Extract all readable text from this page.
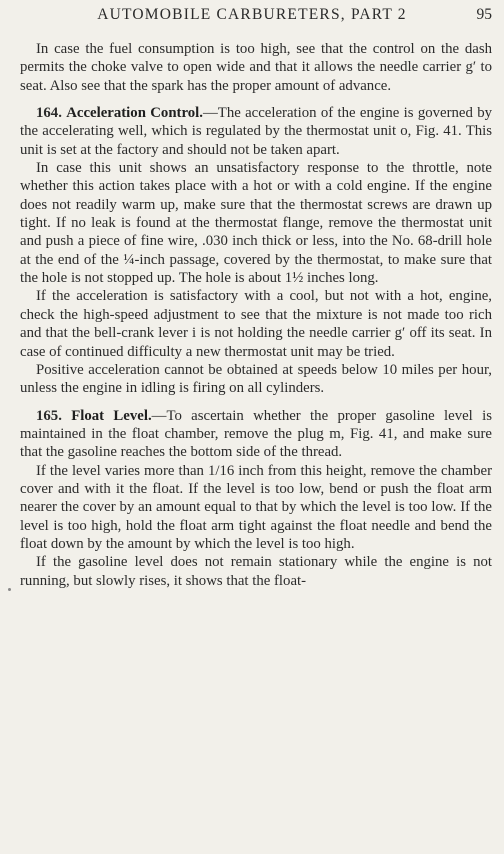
AUTOMOBILE CARBURETERS, PART 2	95

In case the fuel consumption is too high, see that the control on the dash permits the choke valve to open wide and that it allows the needle carrier g′ to seat. Also see that the spark has the proper amount of advance.

164. Acceleration Control.—The acceleration of the engine is governed by the accelerating well, which is regulated by the thermostat unit o, Fig. 41. This unit is set at the factory and should not be taken apart.

In case this unit shows an unsatisfactory response to the throttle, note whether this action takes place with a hot or with a cold engine. If the engine does not readily warm up, make sure that the thermostat screws are drawn up tight. If no leak is found at the thermostat flange, remove the thermostat unit and push a piece of fine wire, .030 inch thick or less, into the No. 68-drill hole at the end of the ¼-inch passage, covered by the thermostat, to make sure that the hole is not stopped up. The hole is about 1½ inches long.

If the acceleration is satisfactory with a cool, but not with a hot, engine, check the high-speed adjustment to see that the mixture is not made too rich and that the bell-crank lever i is not holding the needle carrier g′ off its seat. In case of continued difficulty a new thermostat unit may be tried.

Positive acceleration cannot be obtained at speeds below 10 miles per hour, unless the engine in idling is firing on all cylinders.

165. Float Level.—To ascertain whether the proper gasoline level is maintained in the float chamber, remove the plug m, Fig. 41, and make sure that the gasoline reaches the bottom side of the thread.

If the level varies more than 1/16 inch from this height, remove the chamber cover and with it the float. If the level is too low, bend or push the float arm nearer the cover by an amount equal to that by which the level is too low. If the level is too high, hold the float arm tight against the float needle and bend the float down by the amount by which the level is too high.

If the gasoline level does not remain stationary while the engine is not running, but slowly rises, it shows that the float-
